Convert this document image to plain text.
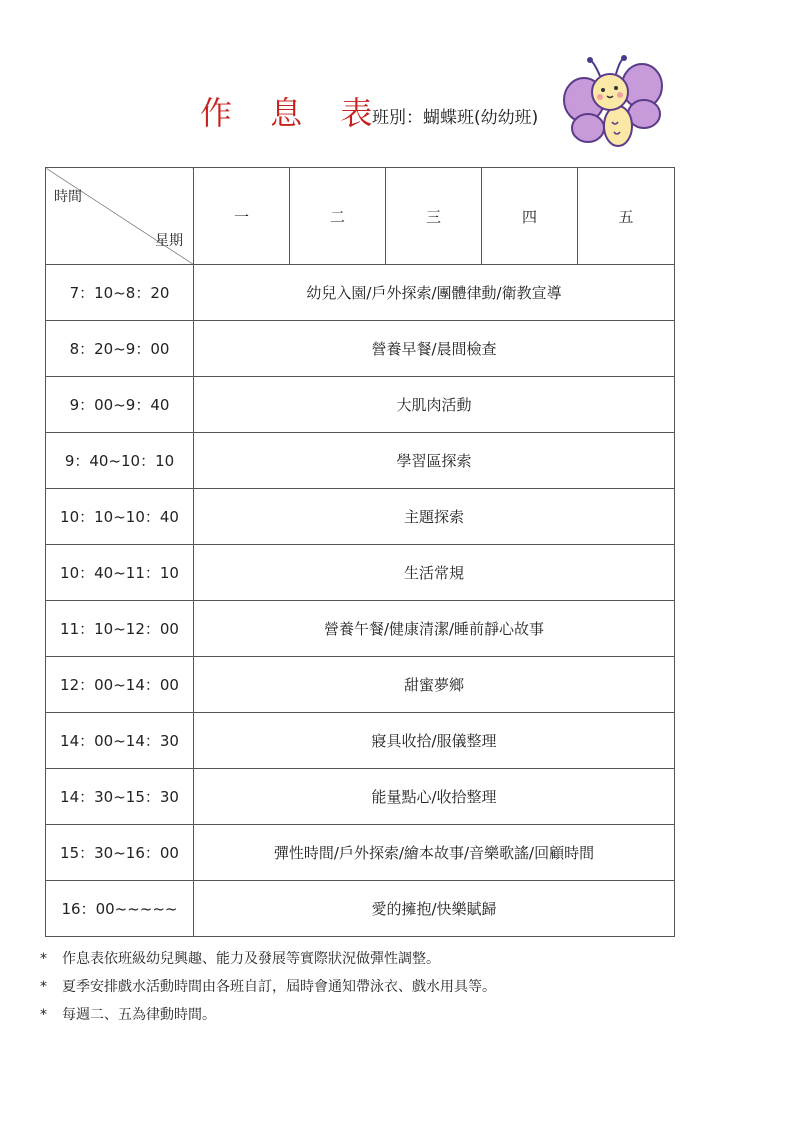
作 息 表
班別：蝴蝶班(幼幼班)
時間
星期	一	二	三	四	五
7：10~8：20	幼兒入園/戶外探索/團體律動/衛教宣導				
8：20~9：00	營養早餐/晨間檢查				
9：00~9：40	大肌肉活動				
9：40~10：10	學習區探索				
10：10~10：40	主題探索				
10：40~11：10	生活常規				
11：10~12：00	營養午餐/健康清潔/睡前靜心故事				
12：00~14：00	甜蜜夢鄉				
14：00~14：30	寢具收拾/服儀整理				
14：30~15：30	能量點心/收拾整理				
15：30~16：00	彈性時間/戶外探索/繪本故事/音樂歌謠/回顧時間				
16：00~~~~~	愛的擁抱/快樂賦歸				
*	作息表依班級幼兒興趣、能力及發展等實際狀況做彈性調整。
*	夏季安排戲水活動時間由各班自訂，屆時會通知帶泳衣、戲水用具等。
*	每週二、五為律動時間。
